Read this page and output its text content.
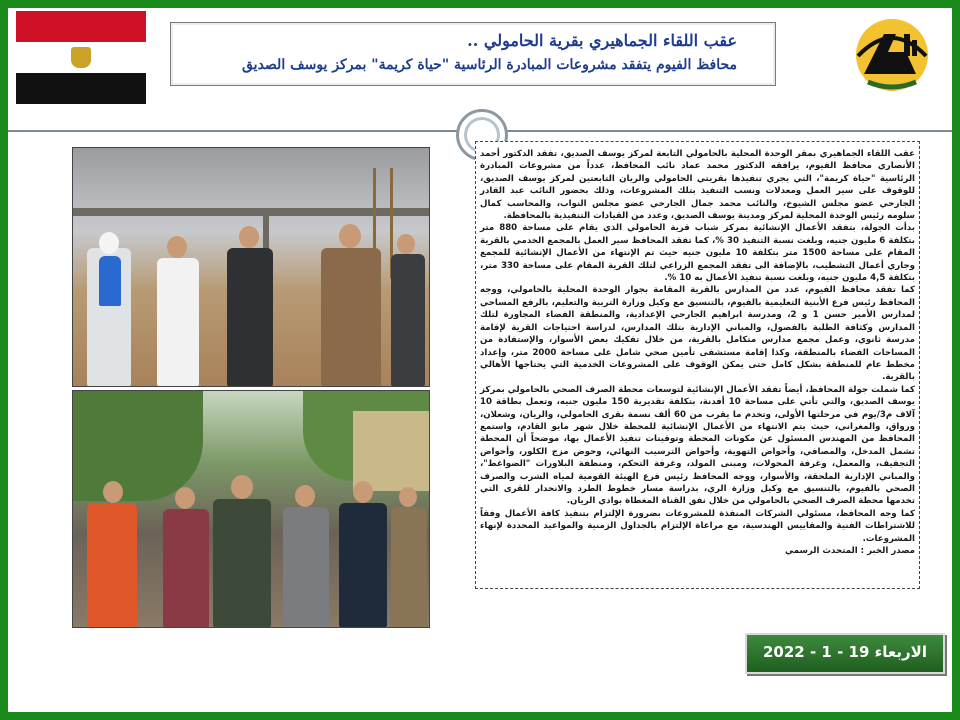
عقب اللقاء الجماهيري بقرية الحامولي ..
محافظ الفيوم يتفقد مشروعات المبادرة الرئاسية "حياة كريمة" بمركز يوسف الصديق

عقب اللقاء الجماهيري بمقر الوحدة المحلية بالحامولي التابعة لمركز يوسف الصديق، تفقد الدكتور أحمد الأنصاري محافظ الفيوم، يرافقه الدكتور محمد عماد نائب المحافظ، عدداً من مشروعات المبادرة الرئاسية "حياة كريمة"، التي يجري تنفيذها بقريتي الحامولي والريان التابعتين لمركز يوسف الصديق، للوقوف على سير العمل ومعدلات ونسب التنفيذ بتلك المشروعات، وذلك بحضور النائب عبد القادر الجارحي عضو مجلس الشيوخ، والنائب محمد جمال الجارحي عضو مجلس النواب، والمحاسب كمال سلومه رئيس الوحدة المحلية لمركز ومدينة يوسف الصديق، وعدد من القيادات التنفيذية بالمحافظة.

بدأت الجولة، بتفقد الأعمال الإنشائية بمركز شباب قرية الحامولي الذي يقام على مساحة 880 متر بتكلفة 6 مليون جنيه، وبلغت نسبة التنفيذ 30 %، كما تفقد المحافظ سير العمل بالمجمع الخدمي بالقرية المقام على مساحة 1500 متر بتكلفة 10 مليون جنيه حيث تم الإنتهاء من الأعمال الإنشائية للمجمع وجاري أعمال التشطيب، بالإضافة الى تفقد المجمع الزراعي لتلك القرية المقام على مساحة 330 متر، بتكلفة 4,5 مليون جنيه، وبلغت نسبة تنفيذ الأعمال به 10 %.

كما تفقد محافظ الفيوم، عدد من المدارس بالقرية المقامة بجوار الوحدة المحلية بالحامولي، ووجه المحافظ رئيس فرع الأبنية التعليمية بالفيوم، بالتنسيق مع وكيل وزارة التربية والتعليم، بالرفع المساحي لمدارس الأمير حسن 1 و 2، ومدرسة ابراهيم الجارحي الإعدادية، والمنطقة الفضاء المجاورة لتلك المدارس وكثافة الطلبة بالفصول، والمباني الإدارية بتلك المدارس، لدراسة احتياجات القرية لإقامة مدرسة ثانوي، وعمل مجمع مدارس متكامل بالقرية، من خلال تفكيك بعض الأسوار، والإستفادة من المساحات الفضاء بالمنطقة، وكذا إقامة مستشفى تأمين صحي شامل على مساحة 2000 متر، وإعداد مخطط عام للمنطقة بشكل كامل حتى يمكن الوقوف على المشروعات الخدمية التي يحتاجها الأهالي بالقرية.

كما شملت جولة المحافظ، أيضاً تفقد الأعمال الإنشائية لتوسعات محطة الصرف الصحي بالحامولي بمركز يوسف الصديق، والتي تأتي على مساحة 10 أفدنة، بتكلفة تقديرية 150 مليون جنيه، وتعمل بطاقة 10 آلاف م3/يوم في مرحلتها الأولى، وتخدم ما يقرب من 60 ألف نسمة بقرى الحامولي، والريان، وشعلان، ورواق، والمغراني، حيث يتم الانتهاء من الأعمال الإنشائية للمحطة خلال شهر مايو القادم، واستمع المحافظ من المهندس المسئول عن مكونات المحطة وتوقيتات تنفيذ الأعمال بها، موضحاً أن المحطة تشمل المدخل، والمصافي، وأحواض التهوية، وأحواض الترسيب النهائي، وحوض مزج الكلور، وأحواض التجفيف، والمعمل، وغرفة المحولات، ومبنى المولد، وغرفة التحكم، ومنظفة البلاورات "الضواغط"، والمباني الإدارية الملحقة، والأسوار، ووجه المحافظ رئيس فرع الهيئة القومية لمياه الشرب والصرف الصحي بالفيوم، بالتنسيق مع وكيل وزارة الري، بدراسة مسار خطوط الطرد والانحدار للقرى التي تخدمها محطة الصرف الصحي بالحامولي من خلال نفق القناة المغطاة بوادي الريان.

كما وجه المحافظ، مسئولي الشركات المنفذة للمشروعات بضرورة الإلتزام بتنفيذ كافة الأعمال وفقاً للاشتراطات الفنية والمقاييس الهندسية، مع مراعاة الإلتزام بالجداول الزمنية والمواعيد المحددة لإنهاء المشروعات.

مصدر الخبر : المتحدث الرسمي

الاربعاء 19 - 1 - 2022
